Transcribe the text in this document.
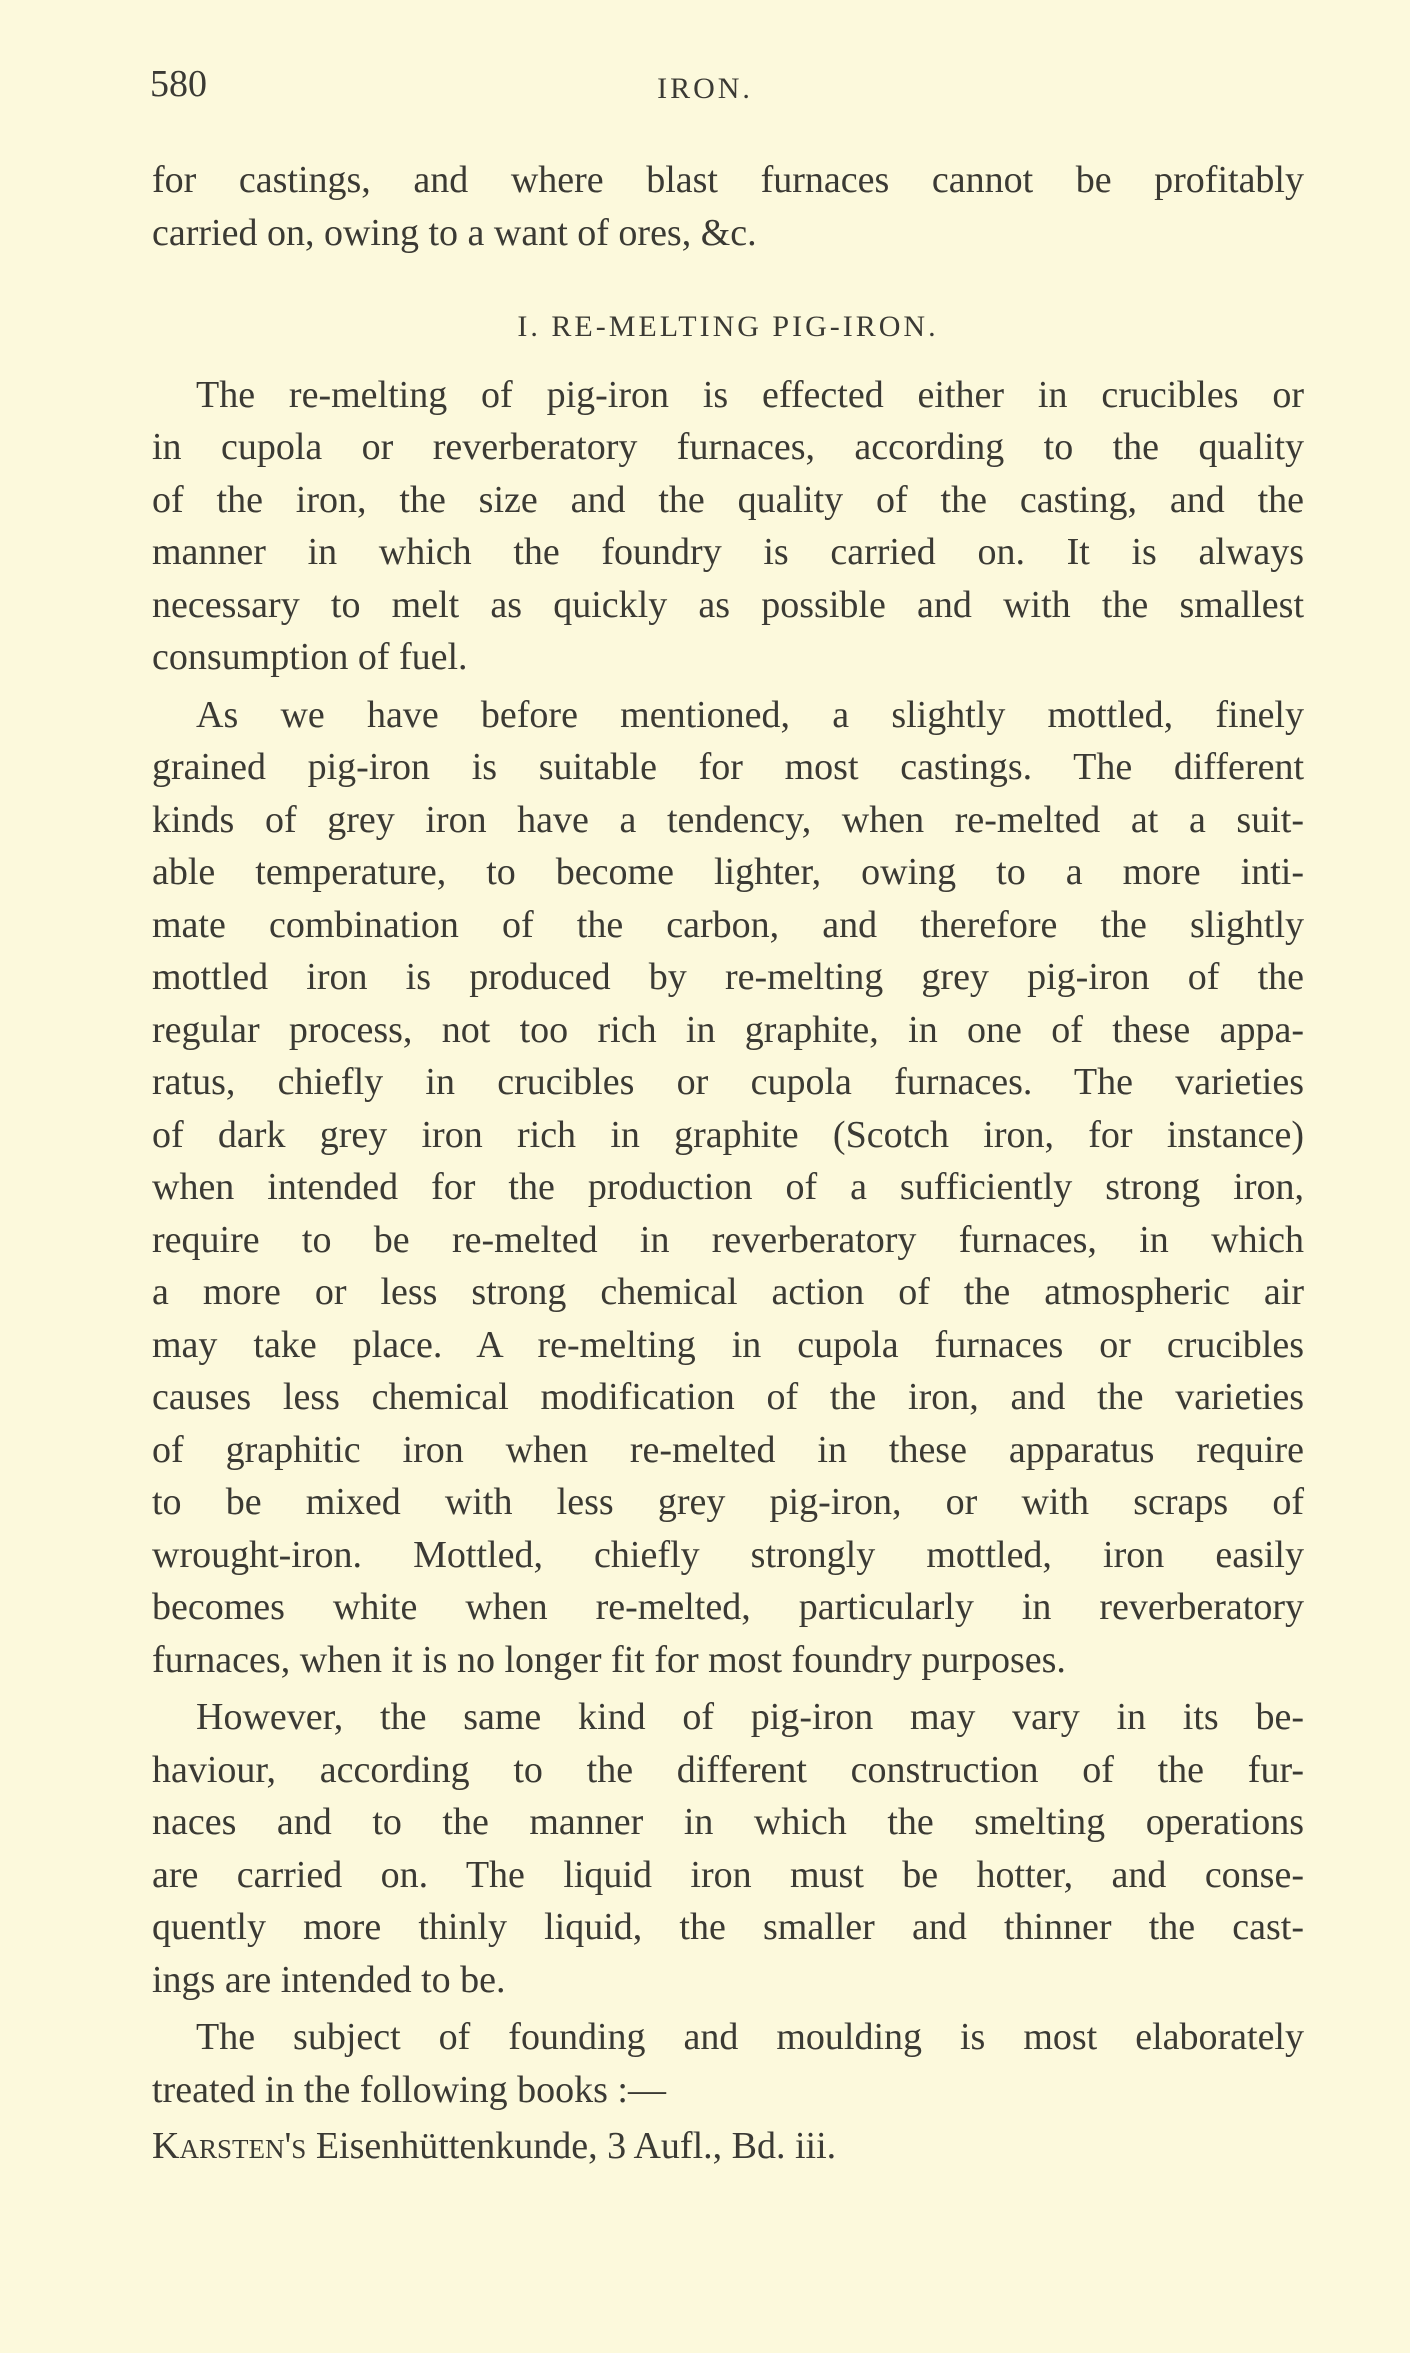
580	IRON.
for castings, and where blast furnaces cannot be profitably
carried on, owing to a want of ores, &c.
I. RE-MELTING PIG-IRON.
The re-melting of pig-iron is effected either in crucibles or
in cupola or reverberatory furnaces, according to the quality
of the iron, the size and the quality of the casting, and the
manner in which the foundry is carried on. It is always
necessary to melt as quickly as possible and with the smallest
consumption of fuel.
As we have before mentioned, a slightly mottled, finely
grained pig-iron is suitable for most castings. The different
kinds of grey iron have a tendency, when re-melted at a suit-
able temperature, to become lighter, owing to a more inti-
mate combination of the carbon, and therefore the slightly
mottled iron is produced by re-melting grey pig-iron of the
regular process, not too rich in graphite, in one of these appa-
ratus, chiefly in crucibles or cupola furnaces. The varieties
of dark grey iron rich in graphite (Scotch iron, for instance)
when intended for the production of a sufficiently strong iron,
require to be re-melted in reverberatory furnaces, in which
a more or less strong chemical action of the atmospheric air
may take place. A re-melting in cupola furnaces or crucibles
causes less chemical modification of the iron, and the varieties
of graphitic iron when re-melted in these apparatus require
to be mixed with less grey pig-iron, or with scraps of
wrought-iron. Mottled, chiefly strongly mottled, iron easily
becomes white when re-melted, particularly in reverberatory
furnaces, when it is no longer fit for most foundry purposes.
However, the same kind of pig-iron may vary in its be-
haviour, according to the different construction of the fur-
naces and to the manner in which the smelting operations
are carried on. The liquid iron must be hotter, and conse-
quently more thinly liquid, the smaller and thinner the cast-
ings are intended to be.
The subject of founding and moulding is most elaborately
treated in the following books :—
Karsten's Eisenhüttenkunde, 3 Aufl., Bd. iii.
